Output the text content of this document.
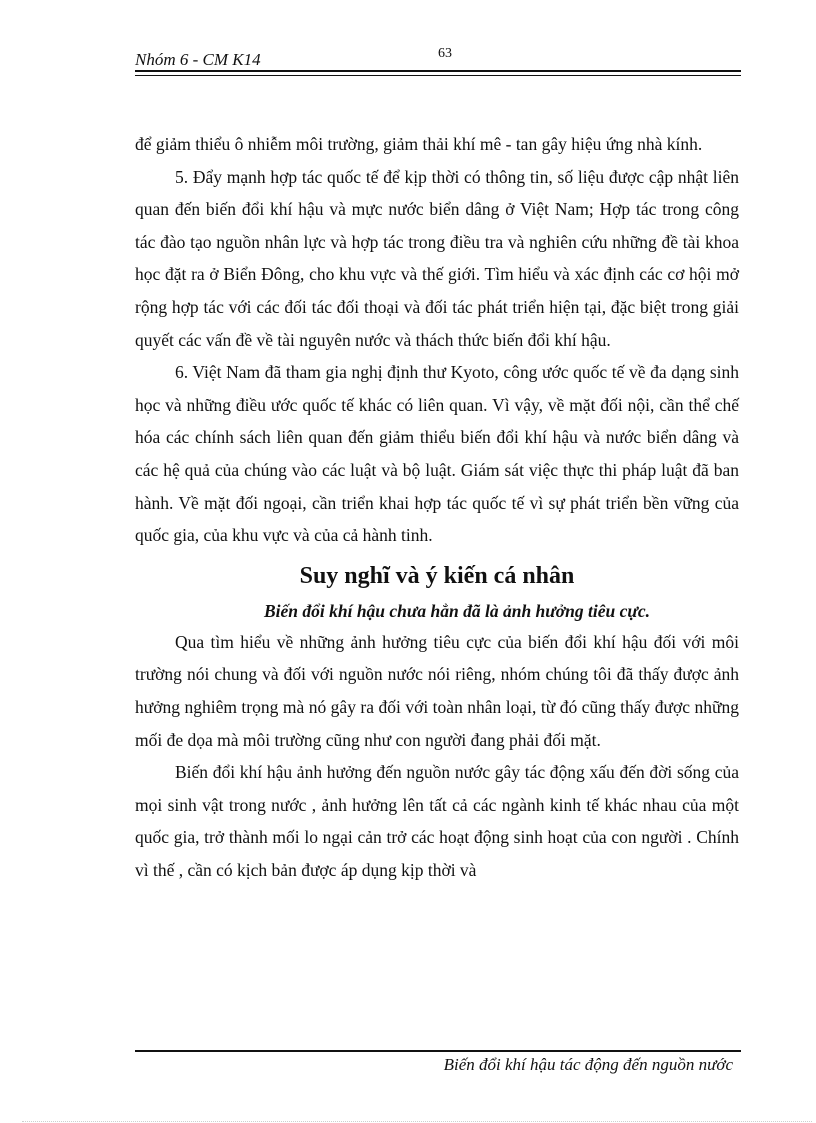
Nhóm 6 - CM K14	63

để giảm thiểu ô nhiễm môi trường, giảm thải khí mê - tan gây hiệu ứng nhà kính.

5. Đẩy mạnh hợp tác quốc tế để kịp thời có thông tin, số liệu được cập nhật liên quan đến biến đổi khí hậu và mực nước biển dâng ở Việt Nam; Hợp tác trong công tác đào tạo nguồn nhân lực và hợp tác trong điều tra và nghiên cứu những đề tài khoa học đặt ra ở Biển Đông, cho khu vực và thế giới. Tìm hiểu và xác định các cơ hội mở rộng hợp tác với các đối tác đối thoại và đối tác phát triển hiện tại, đặc biệt trong giải quyết các vấn đề về tài nguyên nước và thách thức biến đổi khí hậu.

6. Việt Nam đã tham gia nghị định thư Kyoto, công ước quốc tế về đa dạng sinh học và những điều ước quốc tế khác có liên quan. Vì vậy, về mặt đối nội, cần thể chế hóa các chính sách liên quan đến giảm thiểu biến đổi khí hậu và nước biển dâng và các hệ quả của chúng vào các luật và bộ luật. Giám sát việc thực thi pháp luật đã ban hành. Về mặt đối ngoại, cần triển khai hợp tác quốc tế vì sự phát triển bền vững của quốc gia, của khu vực và của cả hành tinh.

Suy nghĩ và ý kiến cá nhân

Biến đổi khí hậu chưa hẳn đã là ảnh hưởng tiêu cực.

Qua tìm hiểu về những ảnh hưởng tiêu cực của biến đổi khí hậu đối với môi trường nói chung và đối với nguồn nước nói riêng, nhóm chúng tôi đã thấy được ảnh hưởng nghiêm trọng mà nó gây ra đối với toàn nhân loại, từ đó cũng thấy được những mối đe dọa mà môi trường cũng như con người đang phải đối mặt.

Biến đổi khí hậu ảnh hưởng đến nguồn nước gây tác động xấu đến đời sống của mọi sinh vật trong nước , ảnh hưởng lên tất cả các ngành kinh tế khác nhau của một quốc gia, trở thành mối lo ngại cản trở các hoạt động sinh hoạt của con người . Chính vì thế , cần có kịch bản được áp dụng kịp thời và

Biến đổi khí hậu tác động đến nguồn nước
